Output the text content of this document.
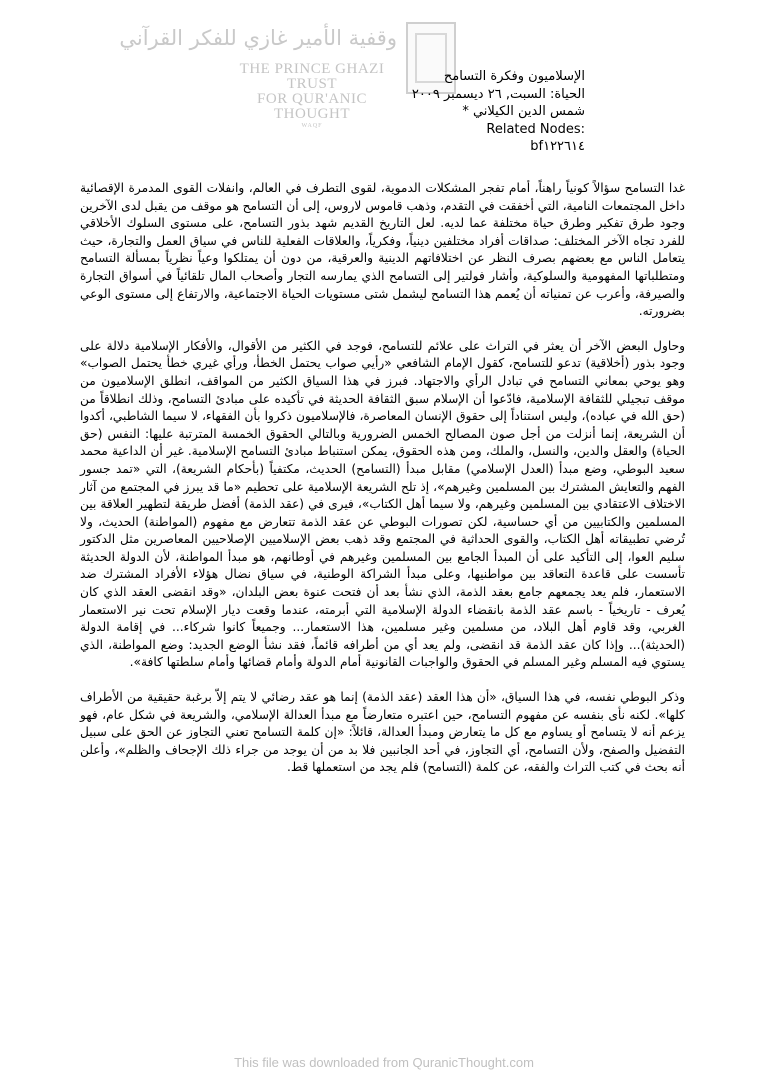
وقفية الأمير غازي للفكر القرآني
THE PRINCE GHAZI TRUST
FOR QUR'ANIC THOUGHT
WAQF
الإسلاميون وفكرة التسامح
الحياة: السبت, ٢٦ ديسمبر ٢٠٠٩
شمس الدين الكيلاني *
Related Nodes:
bf١٢٢٦١٤

غدا التسامح سؤالاً كونياً راهناً، أمام تفجر المشكلات الدموية، لقوى التطرف في العالم، وانفلات القوى المدمرة الإقصائية داخل المجتمعات النامية، التي أخفقت في التقدم، وذهب قاموس لاروس، إلى أن التسامح هو موقف من يقبل لدى الآخرين وجود طرق تفكير وطرق حياة مختلفة عما لديه. لعل التاريخ القديم شهد بذور التسامح، على مستوى السلوك الأخلاقي للفرد تجاه الآخر المختلف: صداقات أفراد مختلفين دينياً، وفكرياً، والعلاقات الفعلية للناس في سياق العمل والتجارة، حيث يتعامل الناس مع بعضهم بصرف النظر عن اختلافاتهم الدينية والعرقية، من دون أن يمتلكوا وعياً نظرياً بمسألة التسامح ومتطلباتها المفهومية والسلوكية، وأشار فولتير إلى التسامح الذي يمارسه التجار وأصحاب المال تلقائياً في أسواق التجارة والصيرفة، وأعرب عن تمنياته أن يُعمم هذا التسامح ليشمل شتى مستويات الحياة الاجتماعية، والارتفاع إلى مستوى الوعي بضرورته.

وحاول البعض الآخر أن يعثر في التراث على علائم للتسامح، فوجد في الكثير من الأقوال، والأفكار الإسلامية دلالة على وجود بذور (أخلاقية) تدعو للتسامح، كقول الإمام الشافعي «رأيي صواب يحتمل الخطأ، ورأي غيري خطأ يحتمل الصواب» وهو يوحي بمعاني التسامح في تبادل الرأي والاجتهاد. فبرز في هذا السياق الكثير من المواقف، انطلق الإسلاميون من موقف تبجيلي للثقافة الإسلامية، فادّعوا أن الإسلام سبق الثقافة الحديثة في تأكيده على مبادئ التسامح، وذلك انطلاقاً من (حق الله في عباده)، وليس استناداً إلى حقوق الإنسان المعاصرة، فالإسلاميون ذكروا بأن الفقهاء، لا سيما الشاطبي، أكدوا أن الشريعة، إنما أنزلت من أجل صون المصالح الخمس الضرورية وبالتالي الحقوق الخمسة المترتبة عليها: النفس (حق الحياة) والعقل والدين، والنسل، والملك، ومن هذه الحقوق، يمكن استنباط مبادئ التسامح الإسلامية. غير أن الداعية محمد سعيد البوطي، وضع مبدأ (العدل الإسلامي) مقابل مبدأ (التسامح) الحديث، مكتفياً (بأحكام الشريعة)، التي «تمد جسور الفهم والتعايش المشترك بين المسلمين وغيرهم»، إذ تلح الشريعة الإسلامية على تحطيم «ما قد يبرز في المجتمع من آثار الاختلاف الاعتقادي بين المسلمين وغيرهم، ولا سيما أهل الكتاب»، فيرى في (عقد الذمة) أفضل طريقة لتطهير العلاقة بين المسلمين والكتابيين من أي حساسية، لكن تصورات البوطي عن عقد الذمة تتعارض مع مفهوم (المواطنة) الحديث، ولا تُرضي تطبيقاته أهل الكتاب، والقوى الحداثية في المجتمع وقد ذهب بعض الإسلاميين الإصلاحيين المعاصرين مثل الدكتور سليم العوا، إلى التأكيد على أن المبدأ الجامع بين المسلمين وغيرهم في أوطانهم، هو مبدأ المواطنة، لأن الدولة الحديثة تأسست على قاعدة التعاقد بين مواطنيها، وعلى مبدأ الشراكة الوطنية، في سياق نضال هؤلاء الأفراد المشترك ضد الاستعمار، فلم يعد يجمعهم جامع بعقد الذمة، الذي نشأ بعد أن فتحت عنوة بعض البلدان، «وقد انقضى العقد الذي كان يُعرف - تاريخياً - باسم عقد الذمة بانقضاء الدولة الإسلامية التي أبرمته، عندما وقعت ديار الإسلام تحت نير الاستعمار الغربي، وقد قاوم أهل البلاد، من مسلمين وغير مسلمين، هذا الاستعمار... وجميعاً كانوا شركاء... في إقامة الدولة (الحديثة)... وإذا كان عقد الذمة قد انقضى، ولم يعد أي من أطرافه قائماً، فقد نشأ الوضع الجديد: وضع المواطنة، الذي يستوي فيه المسلم وغير المسلم في الحقوق والواجبات القانونية أمام الدولة وأمام قضائها وأمام سلطتها كافة».

وذكر البوطي نفسه، في هذا السياق، «أن هذا العقد (عقد الذمة) إنما هو عقد رضائي لا يتم إلاّ برغبة حقيقية من الأطراف كلها». لكنه نأى بنفسه عن مفهوم التسامح، حين اعتبره متعارضاً مع مبدأ العدالة الإسلامي، والشريعة في شكل عام، فهو يزعم أنه لا يتسامح أو يساوم مع كل ما يتعارض ومبدأ العدالة، قائلاً: «إن كلمة التسامح تعني التجاوز عن الحق على سبيل التفضيل والصفح، ولأن التسامح، أي التجاوز، في أحد الجانبين فلا بد من أن يوجد من جراء ذلك الإجحاف والظلم»، وأعلن أنه بحث في كتب التراث والفقه، عن كلمة (التسامح) فلم يجد من استعملها قط.

This file was downloaded from QuranicThought.com
